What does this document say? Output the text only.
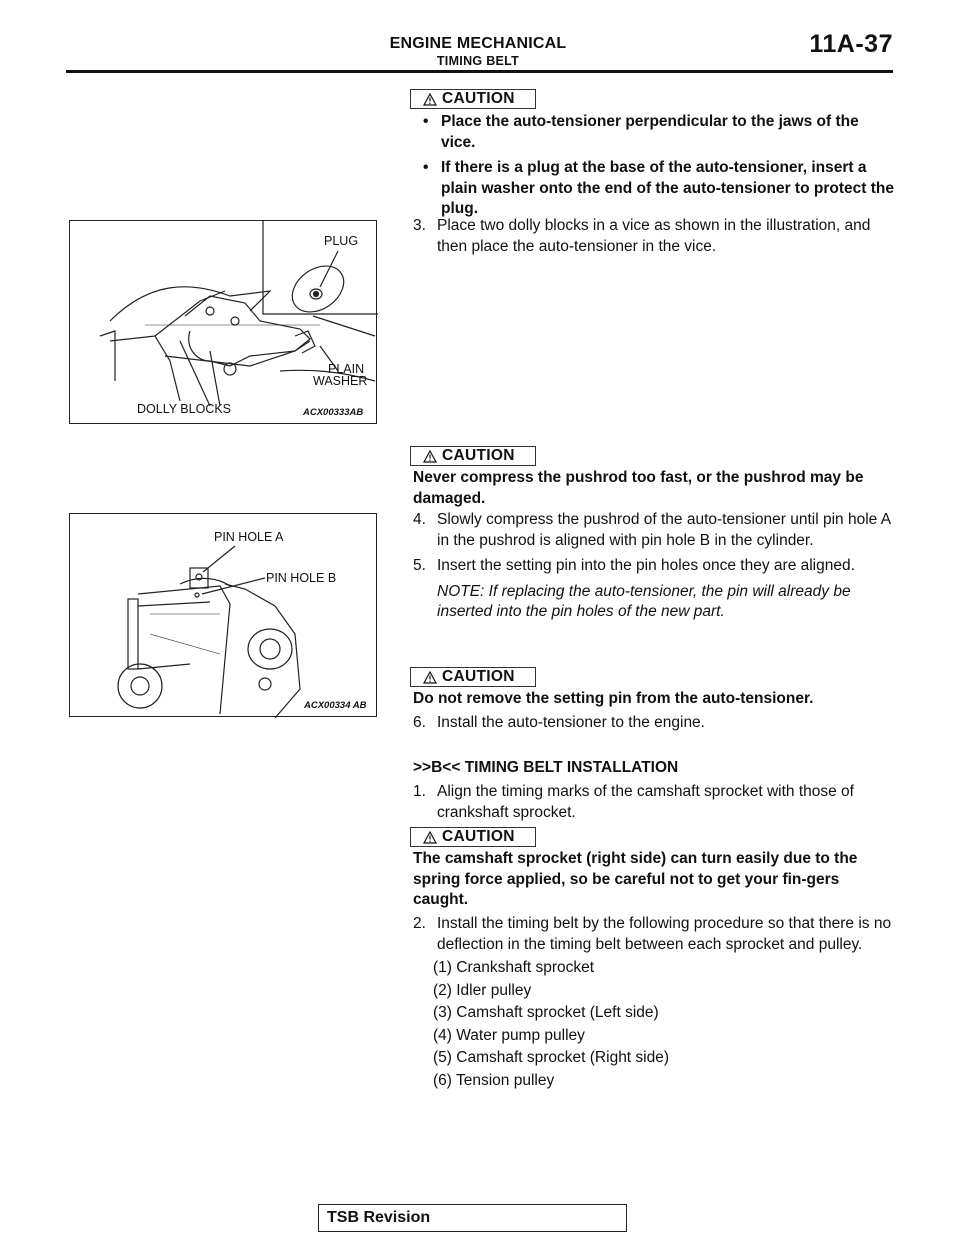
ENGINE MECHANICAL
TIMING BELT
11A-37
CAUTION
• Place the auto-tensioner perpendicular to the jaws of the vice.
• If there is a plug at the base of the auto-tensioner, insert a plain washer onto the end of the auto-tensioner to protect the plug.
3. Place two dolly blocks in a vice as shown in the illustration, and then place the auto-tensioner in the vice.
PLUG
PLAIN
WASHER
DOLLY BLOCKS	ACX00333AB
CAUTION
Never compress the pushrod too fast, or the pushrod may be damaged.
4. Slowly compress the pushrod of the auto-tensioner until pin hole A in the pushrod is aligned with pin hole B in the cylinder.
5. Insert the setting pin into the pin holes once they are aligned.
NOTE: If replacing the auto-tensioner, the pin will already be inserted into the pin holes of the new part.
PIN HOLE A
PIN HOLE B
ACX00334 AB
CAUTION
Do not remove the setting pin from the auto-tensioner.
6. Install the auto-tensioner to the engine.
>>B<< TIMING BELT INSTALLATION
1. Align the timing marks of the camshaft sprocket with those of crankshaft sprocket.
CAUTION
The camshaft sprocket (right side) can turn easily due to the spring force applied, so be careful not to get your fin-gers caught.
2. Install the timing belt by the following procedure so that there is no deflection in the timing belt between each sprocket and pulley.
(1) Crankshaft sprocket
(2) Idler pulley
(3) Camshaft sprocket (Left side)
(4) Water pump pulley
(5) Camshaft sprocket (Right side)
(6) Tension pulley
TSB Revision
